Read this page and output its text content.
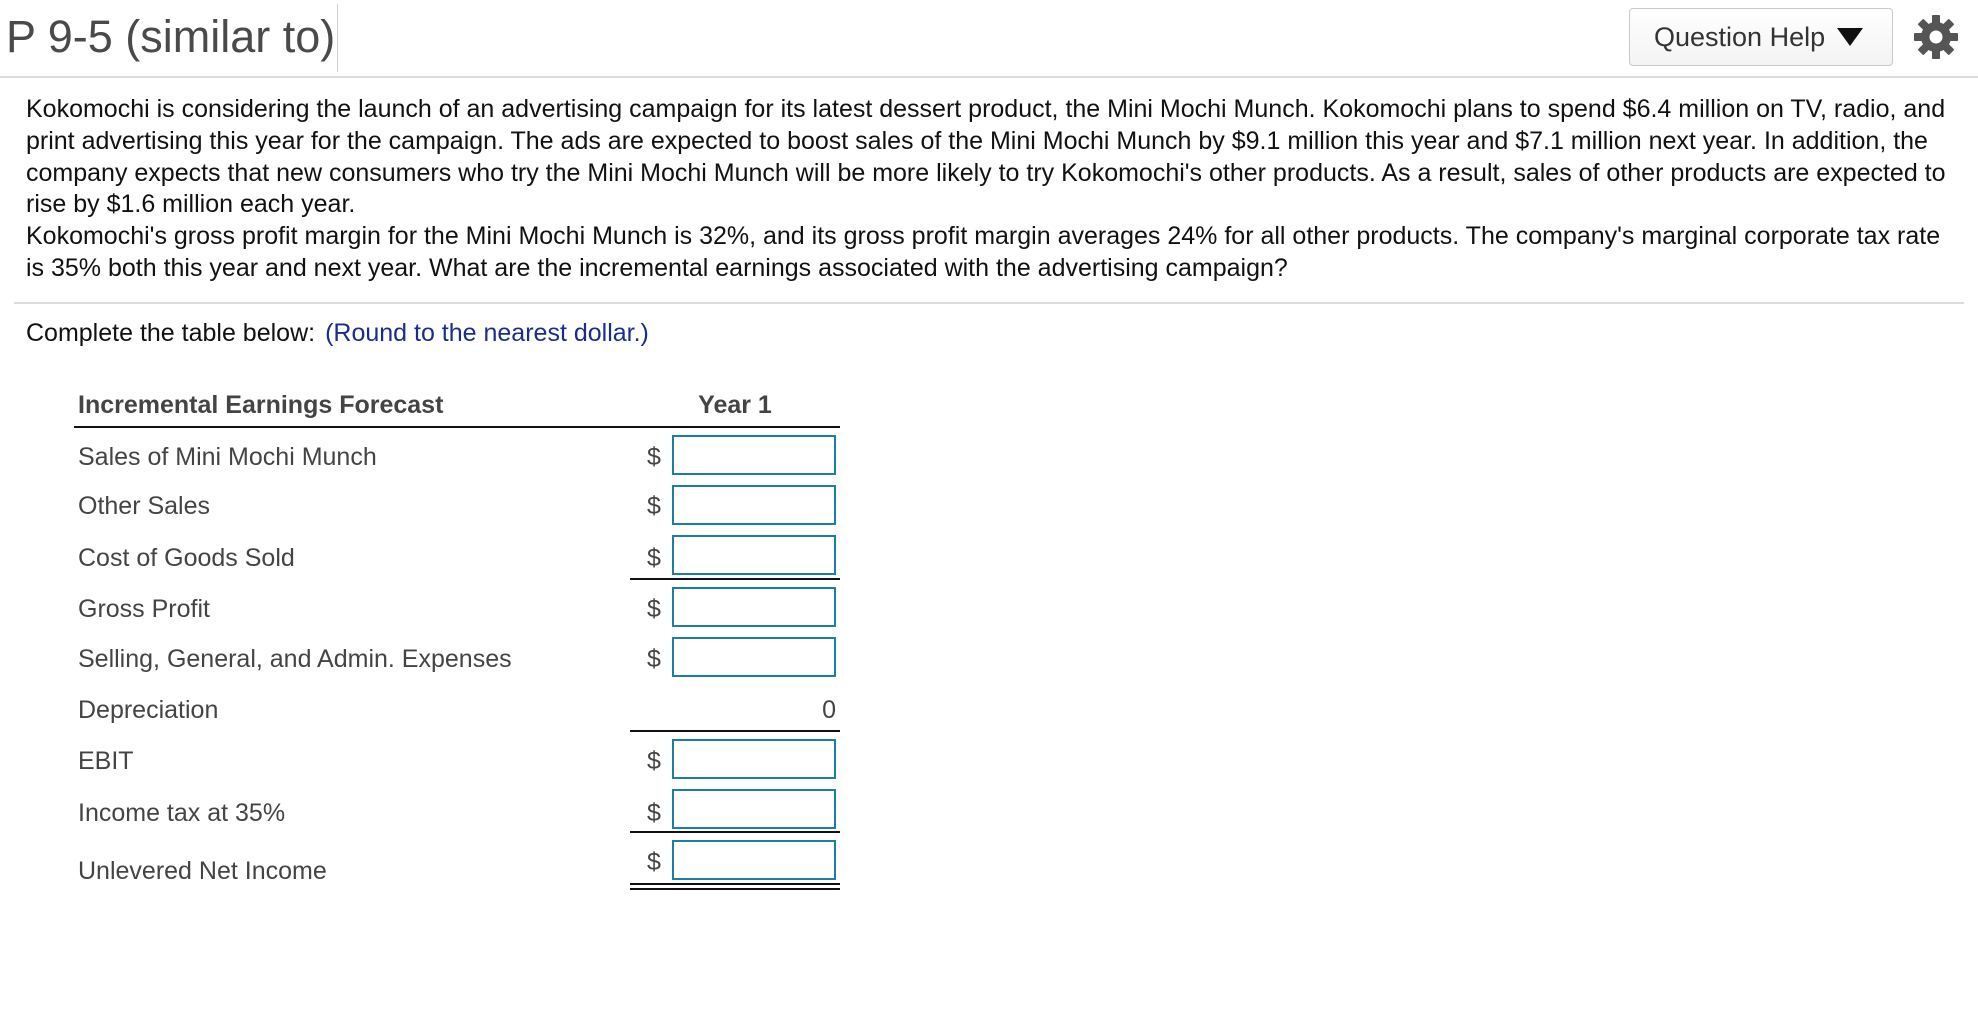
P 9-5 (similar to)	Question Help

Kokomochi is considering the launch of an advertising campaign for its latest dessert product, the Mini Mochi Munch. Kokomochi plans to spend $6.4 million on TV, radio, and print advertising this year for the campaign. The ads are expected to boost sales of the Mini Mochi Munch by $9.1 million this year and $7.1 million next year. In addition, the company expects that new consumers who try the Mini Mochi Munch will be more likely to try Kokomochi's other products. As a result, sales of other products are expected to rise by $1.6 million each year.

Kokomochi's gross profit margin for the Mini Mochi Munch is 32%, and its gross profit margin averages 24% for all other products. The company's marginal corporate tax rate is 35% both this year and next year. What are the incremental earnings associated with the advertising campaign?

Complete the table below: (Round to the nearest dollar.)
Incremental Earnings Forecast	Year 1
Sales of Mini Mochi Munch	$
Other Sales	$
Cost of Goods Sold	$
Gross Profit	$
Selling, General, and Admin. Expenses	$
Depreciation	0
EBIT	$
Income tax at 35%	$
Unlevered Net Income	$
